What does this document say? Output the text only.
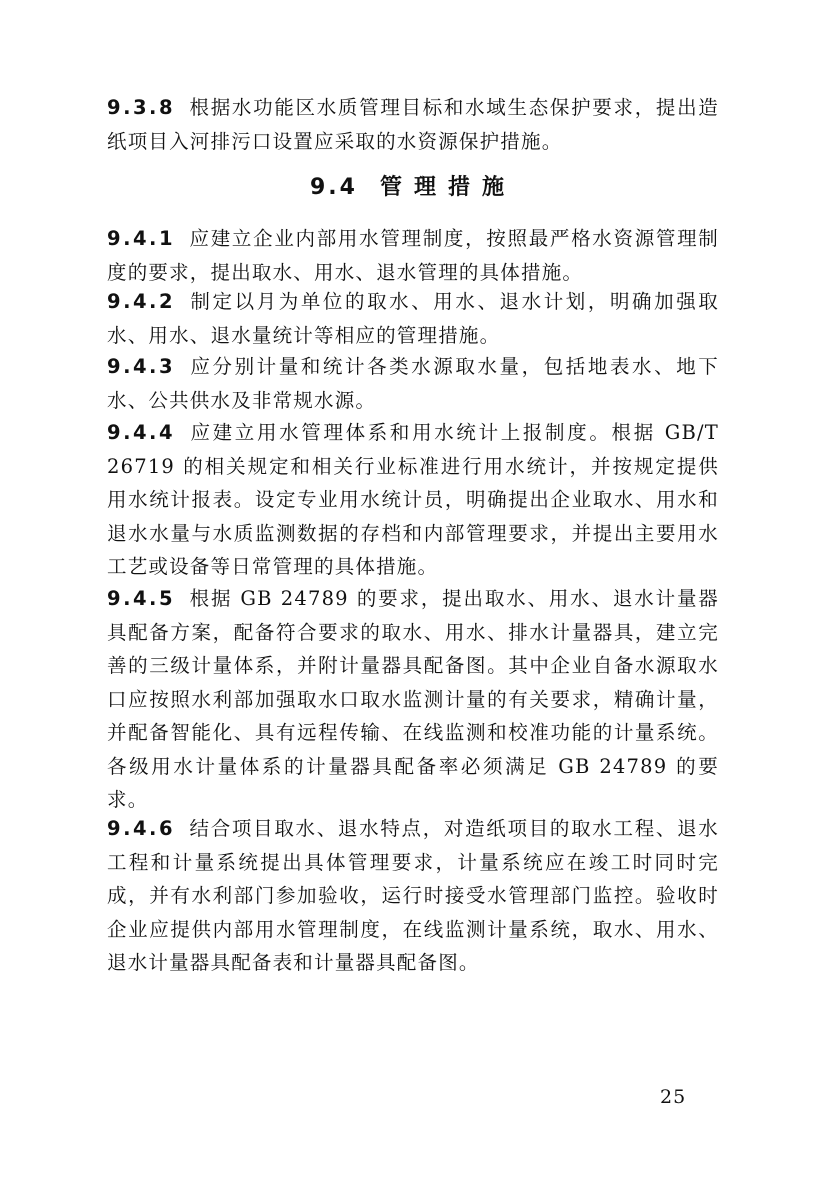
9.3.8 根据水功能区水质管理目标和水域生态保护要求，提出造纸项目入河排污口设置应采取的水资源保护措施。

9.4 管理措施

9.4.1 应建立企业内部用水管理制度，按照最严格水资源管理制度的要求，提出取水、用水、退水管理的具体措施。

9.4.2 制定以月为单位的取水、用水、退水计划，明确加强取水、用水、退水量统计等相应的管理措施。

9.4.3 应分别计量和统计各类水源取水量，包括地表水、地下水、公共供水及非常规水源。

9.4.4 应建立用水管理体系和用水统计上报制度。根据 GB/T 26719 的相关规定和相关行业标准进行用水统计，并按规定提供用水统计报表。设定专业用水统计员，明确提出企业取水、用水和退水水量与水质监测数据的存档和内部管理要求，并提出主要用水工艺或设备等日常管理的具体措施。

9.4.5 根据 GB 24789 的要求，提出取水、用水、退水计量器具配备方案，配备符合要求的取水、用水、排水计量器具，建立完善的三级计量体系，并附计量器具配备图。其中企业自备水源取水口应按照水利部加强取水口取水监测计量的有关要求，精确计量，并配备智能化、具有远程传输、在线监测和校准功能的计量系统。各级用水计量体系的计量器具配备率必须满足 GB 24789 的要求。

9.4.6 结合项目取水、退水特点，对造纸项目的取水工程、退水工程和计量系统提出具体管理要求，计量系统应在竣工时同时完成，并有水利部门参加验收，运行时接受水管理部门监控。验收时企业应提供内部用水管理制度，在线监测计量系统，取水、用水、退水计量器具配备表和计量器具配备图。

25
